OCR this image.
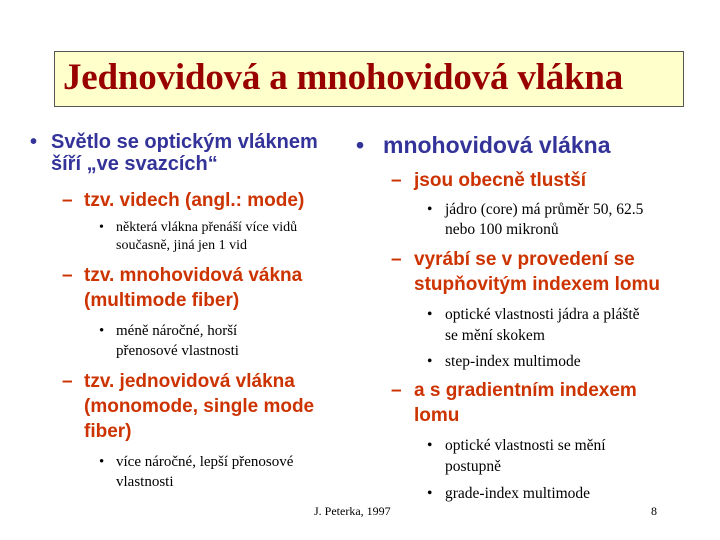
Jednovidová a mnohovidová vlákna
• Světlo se optickým vláknem
šíří „ve svazcích“
– tzv. videch (angl.: mode)
• některá vlákna přenáší více vidů
současně, jiná jen 1 vid
– tzv. mnohovidová vákna
(multimode fiber)
• méně náročné, horší
přenosové vlastnosti
– tzv. jednovidová vlákna
(monomode, single mode
fiber)
• více náročné, lepší přenosové
vlastnosti
• mnohovidová vlákna
– jsou obecně tlustší
• jádro (core) má průměr 50, 62.5
nebo 100 mikronů
– vyrábí se v provedení se
stupňovitým indexem lomu
• optické vlastnosti jádra a pláště
se mění skokem
• step-index multimode
– a s gradientním indexem
lomu
• optické vlastnosti se mění
postupně
• grade-index multimode
J. Peterka, 1997	8
